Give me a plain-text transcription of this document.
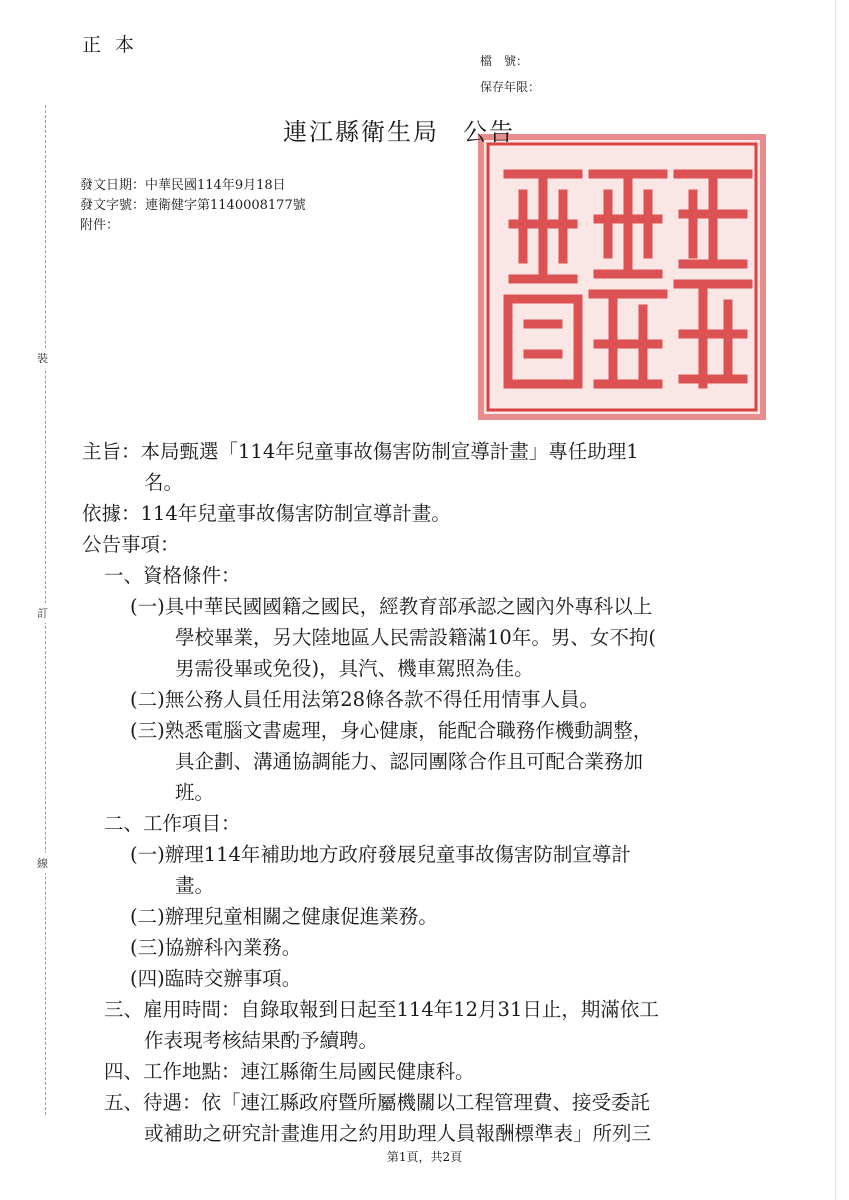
正本
檔　號：
保存年限：
裝
訂
線
連江縣衛生局 公告
發文日期：中華民國114年9月18日
發文字號：連衛健字第1140008177號
附件：
主旨：本局甄選「114年兒童事故傷害防制宣導計畫」專任助理1
名。
依據：114年兒童事故傷害防制宣導計畫。
公告事項：
一、資格條件：
(一)具中華民國國籍之國民，經教育部承認之國內外專科以上
學校畢業，另大陸地區人民需設籍滿10年。男、女不拘(
男需役畢或免役)，具汽、機車駕照為佳。
(二)無公務人員任用法第28條各款不得任用情事人員。
(三)熟悉電腦文書處理，身心健康，能配合職務作機動調整，
具企劃、溝通協調能力、認同團隊合作且可配合業務加
班。
二、工作項目：
(一)辦理114年補助地方政府發展兒童事故傷害防制宣導計
畫。
(二)辦理兒童相關之健康促進業務。
(三)協辦科內業務。
(四)臨時交辦事項。
三、雇用時間：自錄取報到日起至114年12月31日止，期滿依工
作表現考核結果酌予續聘。
四、工作地點：連江縣衛生局國民健康科。
五、待遇：依「連江縣政府暨所屬機關以工程管理費、接受委託
或補助之研究計畫進用之約用助理人員報酬標準表」所列三
第1頁，共2頁
